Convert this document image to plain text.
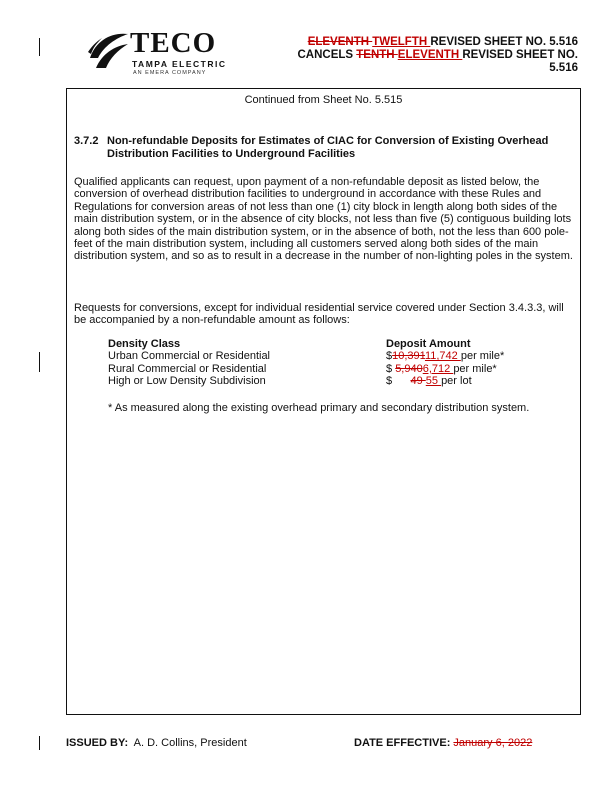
TECO
TAMPA ELECTRIC
AN EMERA COMPANY
ELEVENTH TWELFTH REVISED SHEET NO. 5.516
CANCELS TENTH ELEVENTH REVISED SHEET NO.
5.516
Continued from Sheet No. 5.515
3.7.2 Non-refundable Deposits for Estimates of CIAC for Conversion of Existing Overhead Distribution Facilities to Underground Facilities
Qualified applicants can request, upon payment of a non-refundable deposit as listed below, the conversion of overhead distribution facilities to underground in accordance with these Rules and Regulations for conversion areas of not less than one (1) city block in length along both sides of the main distribution system, or in the absence of city blocks, not less than five (5) contiguous building lots along both sides of the main distribution system, or in the absence of both, not the less than 600 pole-feet of the main distribution system, including all customers served along both sides of the main distribution system, and so as to result in a decrease in the number of non-lighting poles in the system.
Requests for conversions, except for individual residential service covered under Section 3.4.3.3, will be accompanied by a non-refundable amount as follows:
Density Class	Deposit Amount
Urban Commercial or Residential	$10,39111,742 per mile*
Rural Commercial or Residential	$ 5,9406,712 per mile*
High or Low Density Subdivision	$      49 55 per lot
* As measured along the existing overhead primary and secondary distribution system.
ISSUED BY: A. D. Collins, President	DATE EFFECTIVE: January 6, 2022
